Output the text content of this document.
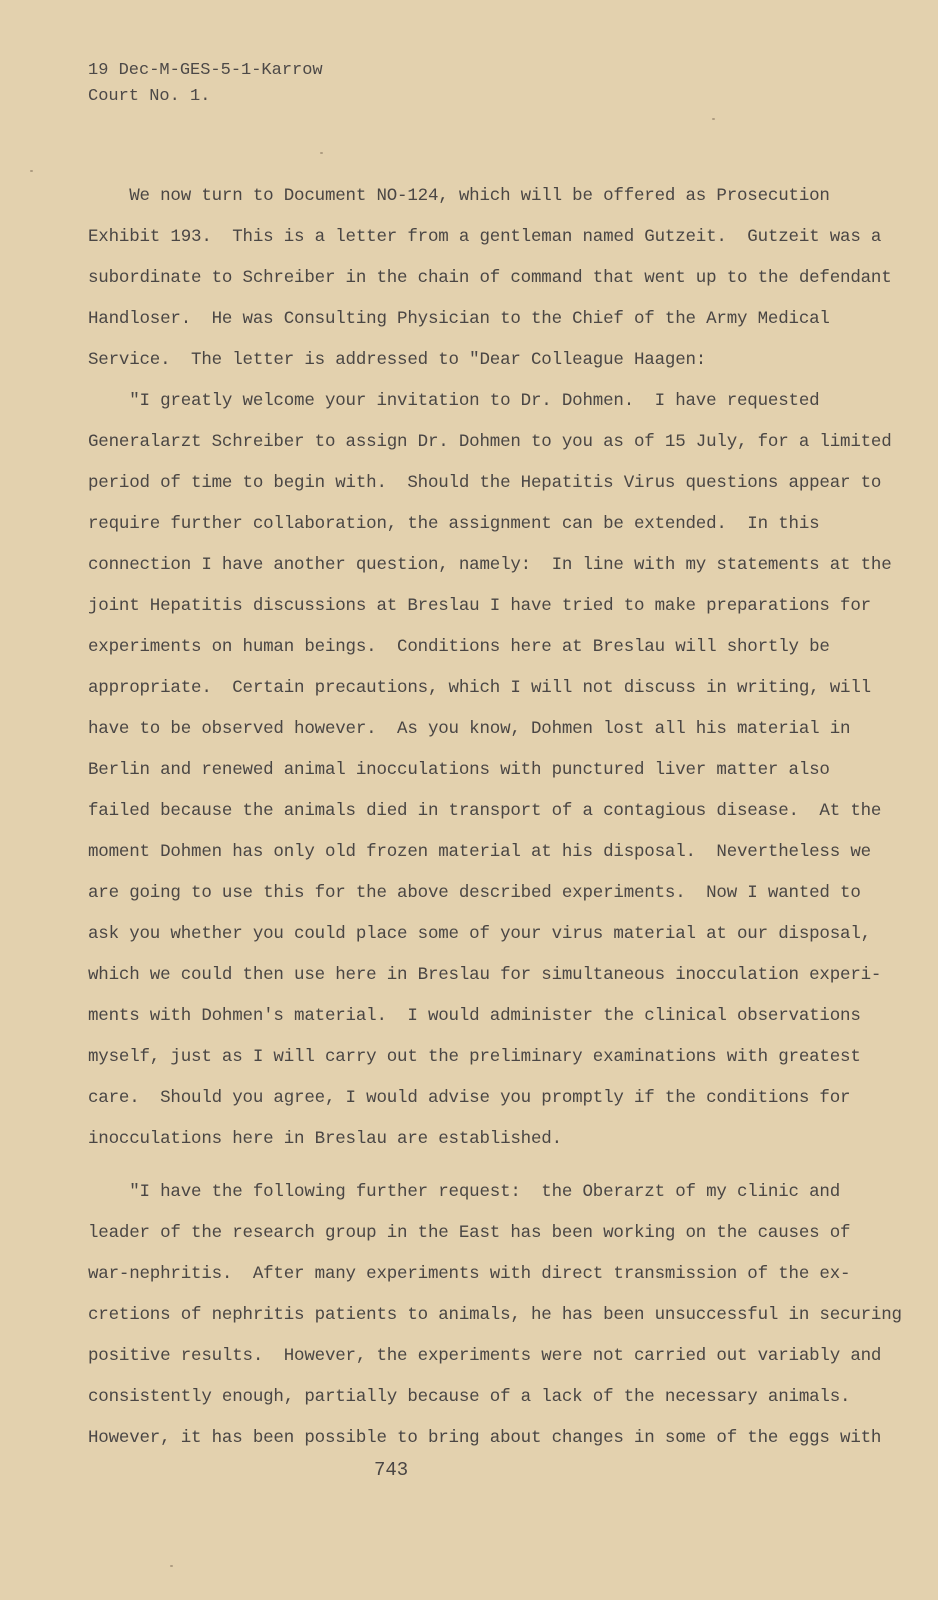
19 Dec-M-GES-5-1-Karrow
Court No. 1.
We now turn to Document NO-124, which will be offered as Prosecution
Exhibit 193.  This is a letter from a gentleman named Gutzeit.  Gutzeit was a
subordinate to Schreiber in the chain of command that went up to the defendant
Handloser.  He was Consulting Physician to the Chief of the Army Medical
Service.  The letter is addressed to "Dear Colleague Haagen:
"I greatly welcome your invitation to Dr. Dohmen.  I have requested
Generalarzt Schreiber to assign Dr. Dohmen to you as of 15 July, for a limited
period of time to begin with.  Should the Hepatitis Virus questions appear to
require further collaboration, the assignment can be extended.  In this
connection I have another question, namely:  In line with my statements at the
joint Hepatitis discussions at Breslau I have tried to make preparations for
experiments on human beings.  Conditions here at Breslau will shortly be
appropriate.  Certain precautions, which I will not discuss in writing, will
have to be observed however.  As you know, Dohmen lost all his material in
Berlin and renewed animal inocculations with punctured liver matter also
failed because the animals died in transport of a contagious disease.  At the
moment Dohmen has only old frozen material at his disposal.  Nevertheless we
are going to use this for the above described experiments.  Now I wanted to
ask you whether you could place some of your virus material at our disposal,
which we could then use here in Breslau for simultaneous inocculation experi-
ments with Dohmen's material.  I would administer the clinical observations
myself, just as I will carry out the preliminary examinations with greatest
care.  Should you agree, I would advise you promptly if the conditions for
inocculations here in Breslau are established.
"I have the following further request:  the Oberarzt of my clinic and
leader of the research group in the East has been working on the causes of
war-nephritis.  After many experiments with direct transmission of the ex-
cretions of nephritis patients to animals, he has been unsuccessful in securing
positive results.  However, the experiments were not carried out variably and
consistently enough, partially because of a lack of the necessary animals.
However, it has been possible to bring about changes in some of the eggs with
743
